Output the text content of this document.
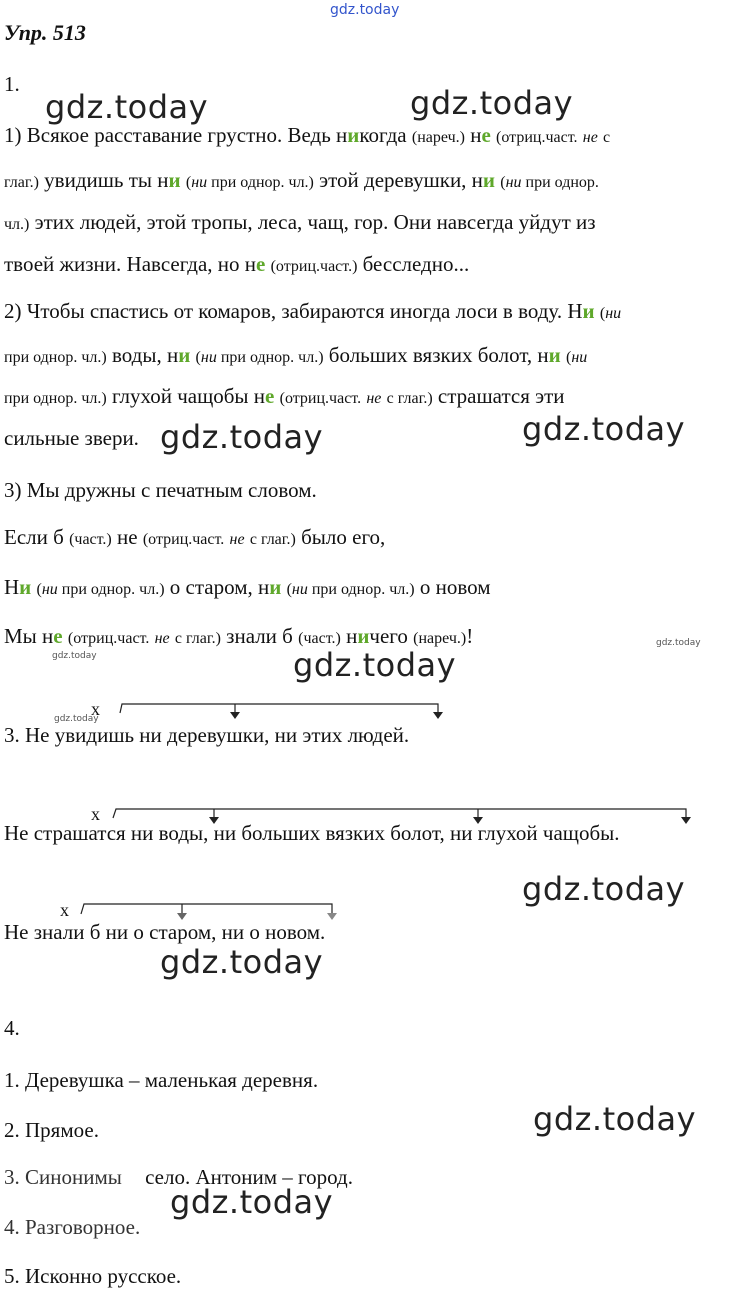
gdz.today
Упр. 513
1.
gdz.today	gdz.today
1) Всякое расставание грустно. Ведь никогда (нареч.) не (отриц.част. не с
глаг.) увидишь ты ни (ни при однор. чл.) этой деревушки, ни (ни при однор.
чл.) этих людей, этой тропы, леса, чащ, гор. Они навсегда уйдут из
твоей жизни. Навсегда, но не (отриц.част.) бесследно...
2) Чтобы спастись от комаров, забираются иногда лоси в воду. Ни (ни
при однор. чл.) воды, ни (ни при однор. чл.) больших вязких болот, ни (ни
при однор. чл.) глухой чащобы не (отриц.част. не с глаг.) страшатся эти
сильные звери. gdz.today	gdz.today
3) Мы дружны с печатным словом.
Если б (част.) не (отриц.част. не с глаг.) было его,
Ни (ни при однор. чл.) о старом, ни (ни при однор. чл.) о новом
Мы не (отриц.част. не с глаг.) знали б (част.) ничего (нареч.)!
gdz.today
gdz.today
gdz.today
х
х
х
gdz.today
3. Не увидишь ни деревушки, ни этих людей.
Не страшатся ни воды, ни больших вязких болот, ни глухой чащобы.
Не знали б ни о старом, ни о новом.
gdz.today
gdz.today
4.
1. Деревушка – маленькая деревня.
2. Прямое.
3. Синонимы село. Антоним – город.
4. Разговорное.
5. Исконно русское.
gdz.today
gdz.today
